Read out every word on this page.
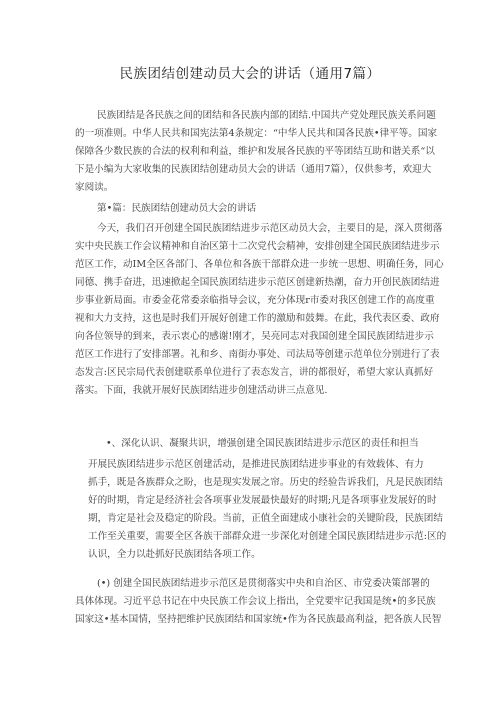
民族团结创建动员大会的讲话（通用7篇）
民族团结是各民族之间的团结和各民族内部的团结.中国共产党处理民族关系问题
的一项准则。中华人民共和国宪法第4条规定：“中华人民共和国各民族•律平等。国家
保障各少数民族的合法的权利和利益，维护和发展各民族的平等团结互助和谐关系“以
下是小编为大家收集的民族团结创建动员大会的讲话（通用7篇），仅供参考，欢迎大
家阅读。
第•篇：民族团结创建动员大会的讲话
今天，我们召开创建全国民族团结进步示范区动员大会，主要目的是，深入贯彻落
实中央民族工作会议精神和自治区第十二次党代会精神，安排创建全国民族团结进步示
范区工作，动IM全区各部门、各单位和各族干部群众进一步统一思想、明确任务，同心
同德、携手奋进，迅速掀起全国民族团结进步示范区创建新热潮，奋力开创民族团结进
步事业新局面。市委金花常委亲临指导会议，充分体现r市委对我区创建工作的高度重
视和大力支持，这也是时我们开展好创建工作的激励和鼓舞。在此，我代表区委、政府
向各位领导的到来，表示衷心的感谢!刚才，吴亮同志对我国创建全国民族团结进步示
范区工作进行了安排部署。礼和乡、南街办事处、司法局等创建示范单位分别进行了表
态发言:区民宗局代表创建联系单位进行了表态发言，讲的都很好，希望大家认真抓好
落实。下面，我就开展好民族团结进步创建活动讲三点意见.
•、深化认识、凝聚共识，增强创建全国民族团结进步示范区的责任和担当
开展民族团结进步示范区创建活动，是推进民族团结进步事业的有效载体、有力
抓手，既是各族群众之盼，也是现实发展之帘。历史的经验告诉我们，凡是民族团结
好的时期，肯定是经济社会各项事业发展最快最好的时期;凡是各项事业发展好的时
期，肯定是社会及稳定的阶段。当前，正值全面建成小康社会的关键阶段，民族团结
工作至关重要，需要全区各族干部群众进一步深化对创建全国民族团结进步示范:区的
认识，全力以赴抓好民族团结各项工作。
(•) 创建全国民族团结进步示范区是贯彻落实中央和自治区、市党委决策部署的
具体体现。习近平总书记在中央民族工作会议上指出，全党要牢记我国是统•的多民族
国家这•基本国情，坚持把维护民族团结和国家统•作为各民族最高利益，把各族人民智
